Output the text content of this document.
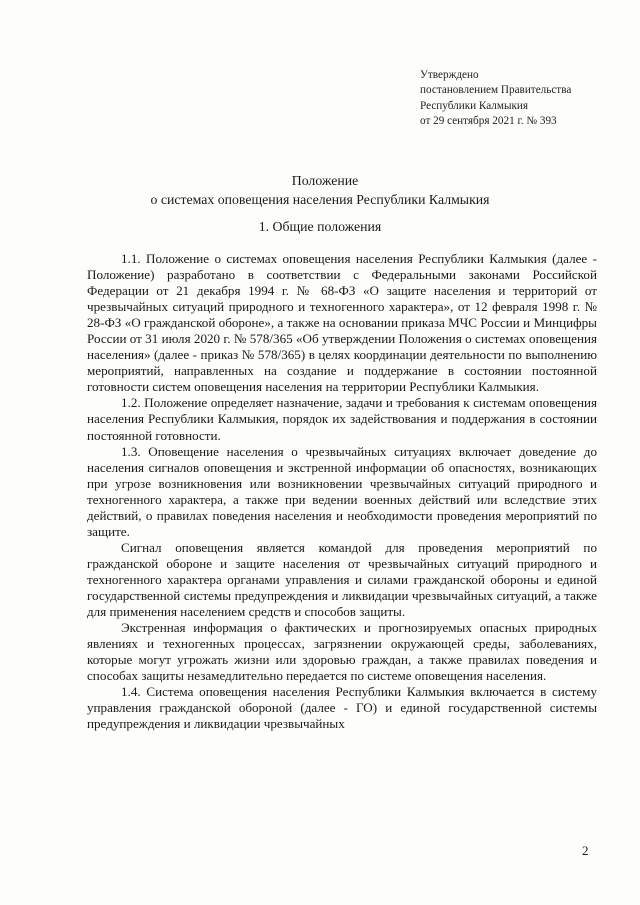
Утверждено
постановлением Правительства
Республики Калмыкия
от 29 сентября 2021 г. № 393
Положение
о системах оповещения населения Республики Калмыкия
1. Общие положения

1.1. Положение о системах оповещения населения Республики Калмыкия (далее - Положение) разработано в соответствии с Федеральными законами Российской Федерации от 21 декабря 1994 г. № 68-ФЗ «О защите населения и территорий от чрезвычайных ситуаций природного и техногенного характера», от 12 февраля 1998 г. № 28-ФЗ «О гражданской обороне», а также на основании приказа МЧС России и Минцифры России от 31 июля 2020 г. № 578/365 «Об утверждении Положения о системах оповещения населения» (далее - приказ № 578/365) в целях координации деятельности по выполнению мероприятий, направленных на создание и поддержание в состоянии постоянной готовности систем оповещения населения на территории Республики Калмыкия.

1.2. Положение определяет назначение, задачи и требования к системам оповещения населения Республики Калмыкия, порядок их задействования и поддержания в состоянии постоянной готовности.

1.3. Оповещение населения о чрезвычайных ситуациях включает доведение до населения сигналов оповещения и экстренной информации об опасностях, возникающих при угрозе возникновения или возникновении чрезвычайных ситуаций природного и техногенного характера, а также при ведении военных действий или вследствие этих действий, о правилах поведения населения и необходимости проведения мероприятий по защите.

Сигнал оповещения является командой для проведения мероприятий по гражданской обороне и защите населения от чрезвычайных ситуаций природного и техногенного характера органами управления и силами гражданской обороны и единой государственной системы предупреждения и ликвидации чрезвычайных ситуаций, а также для применения населением средств и способов защиты.

Экстренная информация о фактических и прогнозируемых опасных природных явлениях и техногенных процессах, загрязнении окружающей среды, заболеваниях, которые могут угрожать жизни или здоровью граждан, а также правилах поведения и способах защиты незамедлительно передается по системе оповещения населения.

1.4. Система оповещения населения Республики Калмыкия включается в систему управления гражданской обороной (далее - ГО) и единой государственной системы предупреждения и ликвидации чрезвычайных

2
